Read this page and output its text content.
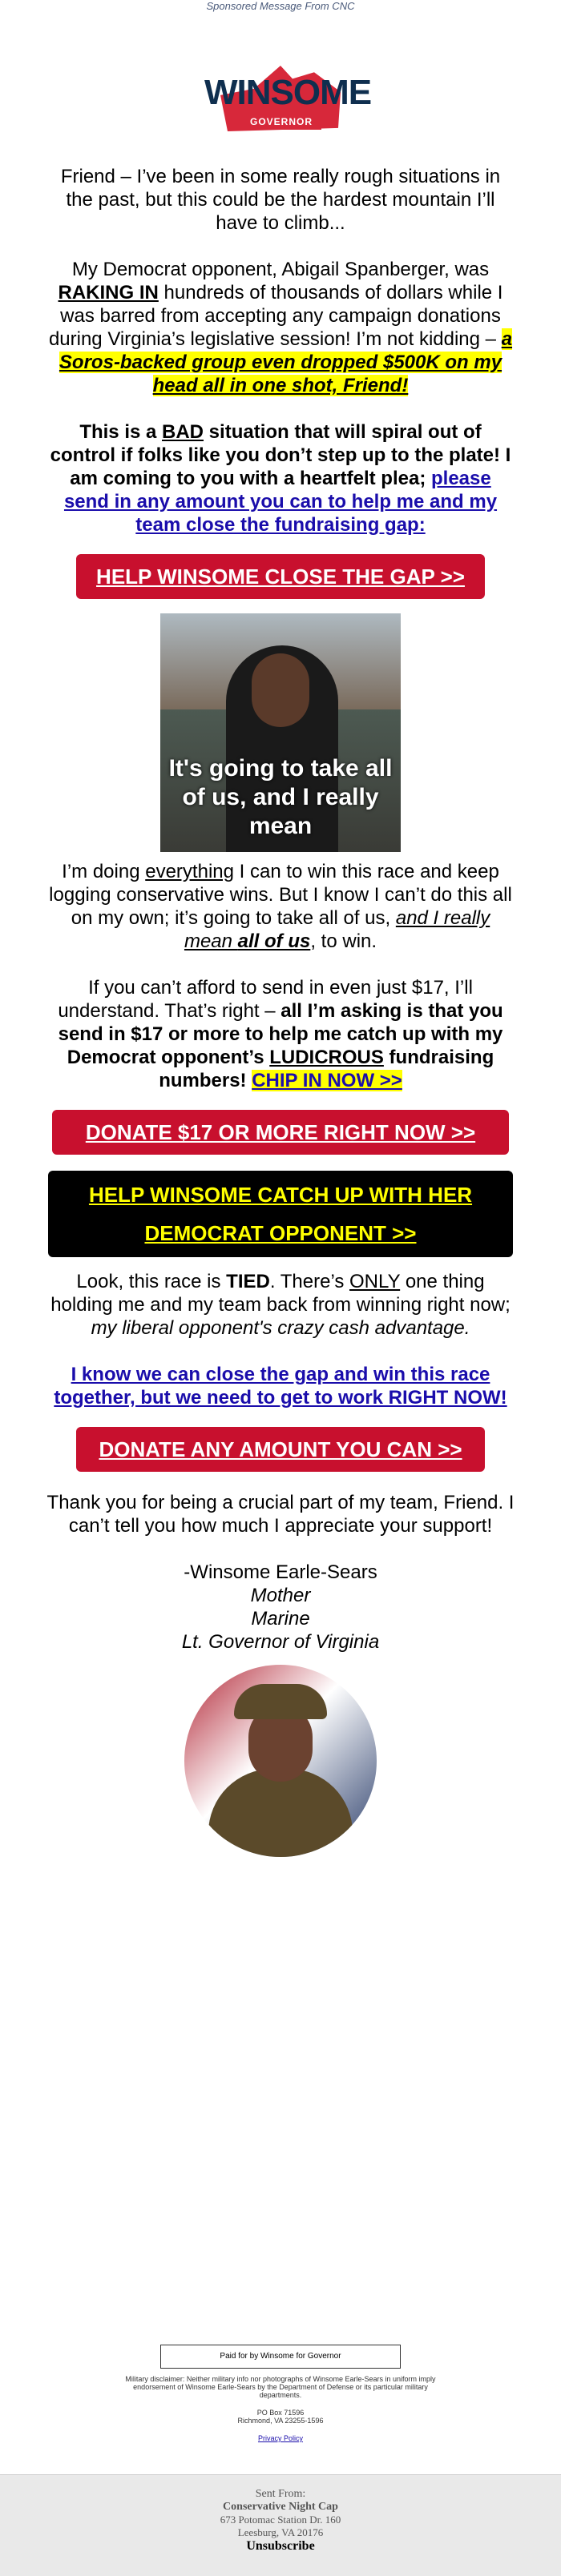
Sponsored Message From CNC
WINSOME
GOVERNOR

Friend – I’ve been in some really rough situations in the past, but this could be the hardest mountain I’ll have to climb...

My Democrat opponent, Abigail Spanberger, was RAKING IN hundreds of thousands of dollars while I was barred from accepting any campaign donations during Virginia’s legislative session! I’m not kidding – a Soros-backed group even dropped $500K on my head all in one shot, Friend!

This is a BAD situation that will spiral out of control if folks like you don’t step up to the plate! I am coming to you with a heartfelt plea; please send in any amount you can to help me and my team close the fundraising gap:

HELP WINSOME CLOSE THE GAP >>
It's going to take all of us, and I really mean

I’m doing everything I can to win this race and keep logging conservative wins. But I know I can’t do this all on my own; it’s going to take all of us, and I really mean all of us, to win.

If you can’t afford to send in even just $17, I’ll understand. That’s right – all I’m asking is that you send in $17 or more to help me catch up with my Democrat opponent’s LUDICROUS fundraising numbers! CHIP IN NOW >>

DONATE $17 OR MORE RIGHT NOW >>
HELP WINSOME CATCH UP WITH HER DEMOCRAT OPPONENT >>

Look, this race is TIED. There’s ONLY one thing holding me and my team back from winning right now; my liberal opponent's crazy cash advantage.

I know we can close the gap and win this race together, but we need to get to work RIGHT NOW!

DONATE ANY AMOUNT YOU CAN >>

Thank you for being a crucial part of my team, Friend. I can’t tell you how much I appreciate your support!

-Winsome Earle-Sears
Mother
Marine
Lt. Governor of Virginia
Paid for by Winsome for Governor
Military disclaimer: Neither military info nor photographs of Winsome Earle-Sears in uniform imply endorsement of Winsome Earle-Sears by the Department of Defense or its particular military departments.
PO Box 71596
Richmond, VA 23255-1596
Privacy Policy
Sent From:
Conservative Night Cap
673 Potomac Station Dr. 160
Leesburg, VA 20176
Unsubscribe
